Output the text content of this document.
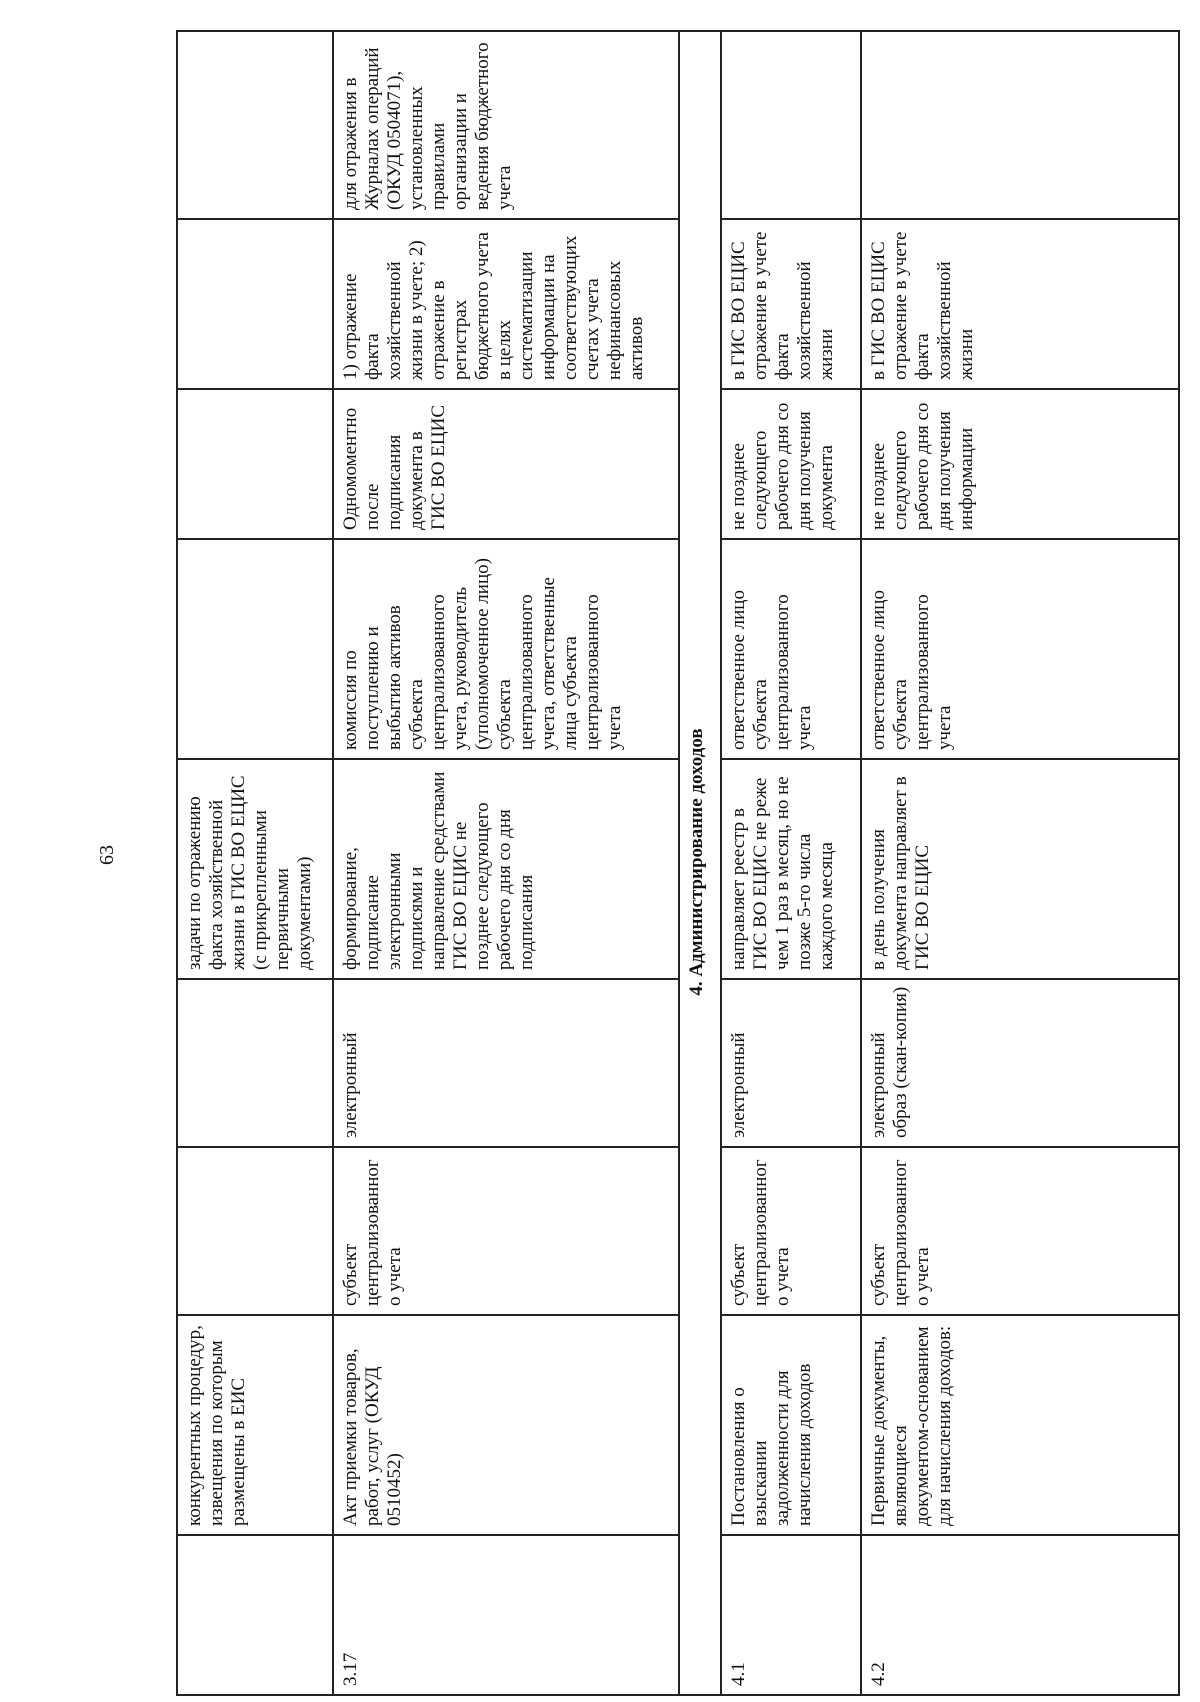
63
	конкурентных процедур, извещения по которым размещены в ЕИС			задачи по отражению факта хозяйственной жизни в ГИС ВО ЕЦИС (с прикрепленными первичными документами)				
3.17	Акт приемки товаров, работ, услуг (ОКУД 0510452)	субъект централизованного учета	электронный	формирование, подписание электронными подписями и направление средствами ГИС ВО ЕЦИС не позднее следующего рабочего дня со дня подписания	комиссия по поступлению и выбытию активов субъекта централизованного учета, руководитель (уполномоченное лицо) субъекта централизованного учета, ответственные лица субъекта централизованного учета	Одномоментно после подписания документа в ГИС ВО ЕЦИС	1) отражение факта хозяйственной жизни в учете; 2) отражение в регистрах бюджетного учета в целях систематизации информации на соответствующих счетах учета нефинансовых активов	для отражения в Журналах операций (ОКУД 0504071), установленных правилами организации и ведения бюджетного учета
4. Администрирование доходов								
4.1	Постановления о взыскании задолженности для начисления доходов	субъект централизованного учета	электронный	направляет реестр в ГИС ВО ЕЦИС не реже чем 1 раз в месяц, но не позже 5-го числа каждого месяца	ответственное лицо субъекта централизованного учета	не позднее следующего рабочего дня со дня получения документа	в ГИС ВО ЕЦИС отражение в учете факта хозяйственной жизни	
4.2	Первичные документы, являющиеся документом-основанием для начисления доходов:	субъект централизованного учета	электронный образ (скан-копия)	в день получения документа направляет в ГИС ВО ЕЦИС	ответственное лицо субъекта централизованного учета	не позднее следующего рабочего дня со дня получения информации	в ГИС ВО ЕЦИС отражение в учете факта хозяйственной жизни	
